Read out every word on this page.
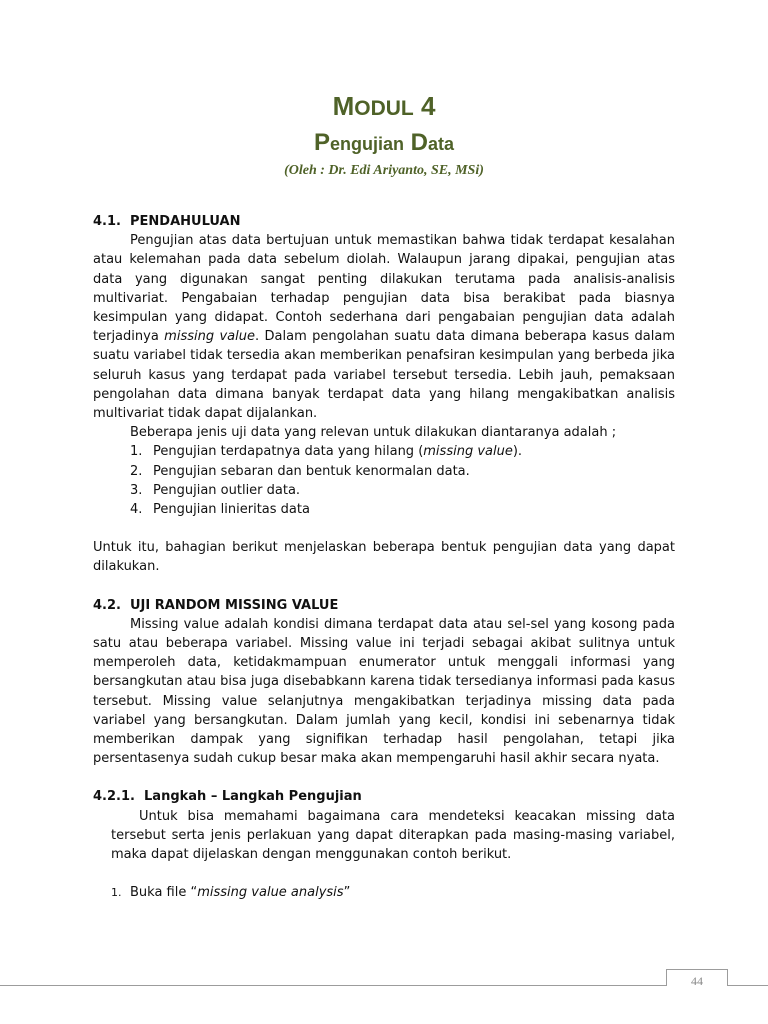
MODUL 4
Pengujian Data
(Oleh : Dr. Edi Ariyanto, SE, MSi)
4.1. PENDAHULUAN

Pengujian atas data bertujuan untuk memastikan bahwa tidak terdapat kesalahan atau kelemahan pada data sebelum diolah. Walaupun jarang dipakai, pengujian atas data yang digunakan sangat penting dilakukan terutama pada analisis-analisis multivariat. Pengabaian terhadap pengujian data bisa berakibat pada biasnya kesimpulan yang didapat. Contoh sederhana dari pengabaian pengujian data adalah terjadinya missing value. Dalam pengolahan suatu data dimana beberapa kasus dalam suatu variabel tidak tersedia akan memberikan penafsiran kesimpulan yang berbeda jika seluruh kasus yang terdapat pada variabel tersebut tersedia. Lebih jauh, pemaksaan pengolahan data dimana banyak terdapat data yang hilang mengakibatkan analisis multivariat tidak dapat dijalankan.

Beberapa jenis uji data yang relevan untuk dilakukan diantaranya adalah ;

1. Pengujian terdapatnya data yang hilang (missing value).
2. Pengujian sebaran dan bentuk kenormalan data.
3. Pengujian outlier data.
4. Pengujian linieritas data

Untuk itu, bahagian berikut menjelaskan beberapa bentuk pengujian data yang dapat dilakukan.

4.2. UJI RANDOM MISSING VALUE

Missing value adalah kondisi dimana terdapat data atau sel-sel yang kosong pada satu atau beberapa variabel. Missing value ini terjadi sebagai akibat sulitnya untuk memperoleh data, ketidakmampuan enumerator untuk menggali informasi yang bersangkutan atau bisa juga disebabkann karena tidak tersedianya informasi pada kasus tersebut. Missing value selanjutnya mengakibatkan terjadinya missing data pada variabel yang bersangkutan. Dalam jumlah yang kecil, kondisi ini sebenarnya tidak memberikan dampak yang signifikan terhadap hasil pengolahan, tetapi jika persentasenya sudah cukup besar maka akan mempengaruhi hasil akhir secara nyata.

4.2.1. Langkah – Langkah Pengujian

Untuk bisa memahami bagaimana cara mendeteksi keacakan missing data tersebut serta jenis perlakuan yang dapat diterapkan pada masing-masing variabel, maka dapat dijelaskan dengan menggunakan contoh berikut.

1. Buka file “missing value analysis”
44
